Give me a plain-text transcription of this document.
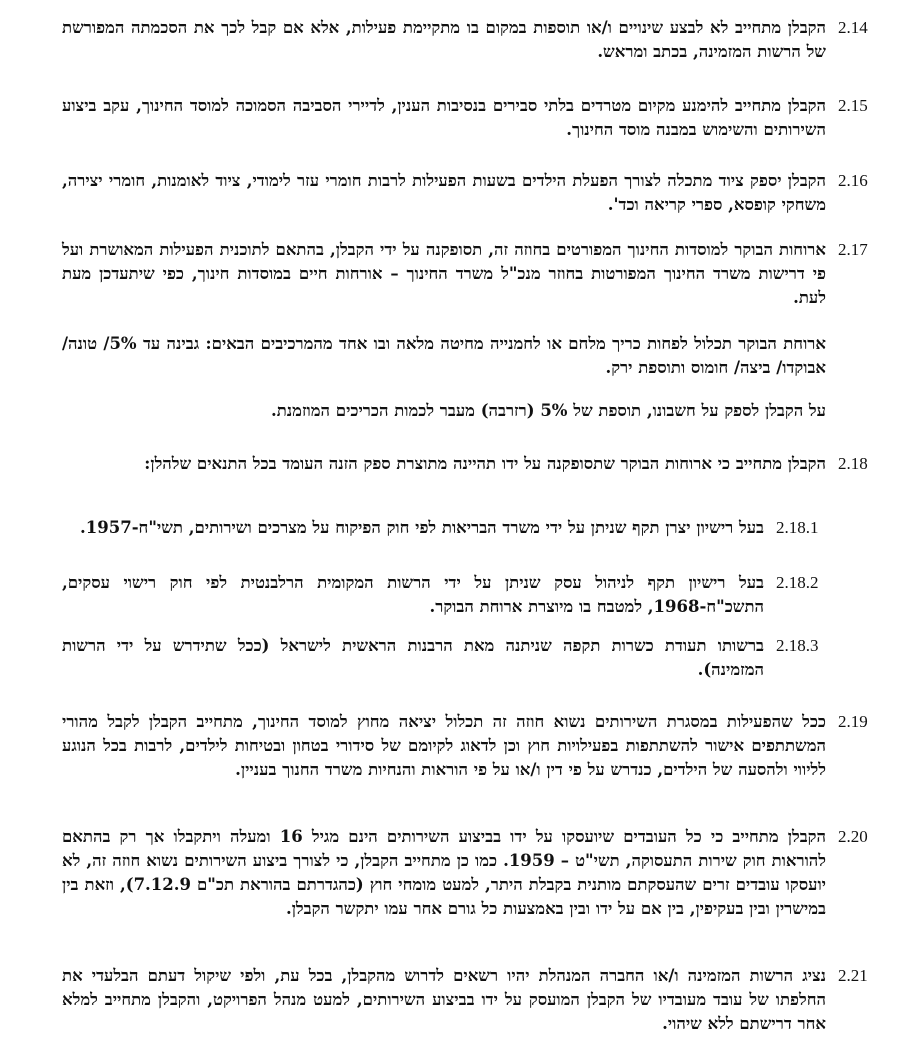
2.14
הקבלן מתחייב לא לבצע שינויים ו/או תוספות במקום בו מתקיימת פעילות, אלא אם קבל לכך את הסכמתה המפורשת של הרשות המזמינה, בכתב ומראש.
2.15
הקבלן מתחייב להימנע מקיום מטרדים בלתי סבירים בנסיבות הענין, לדיירי הסביבה הסמוכה למוסד החינוך, עקב ביצוע השירותים והשימוש במבנה מוסד החינוך.
2.16
הקבלן יספק ציוד מתכלה לצורך הפעלת הילדים בשעות הפעילות לרבות חומרי עזר לימודי, ציוד לאומנות, חומרי יצירה, משחקי קופסא, ספרי קריאה וכד'.
2.17
ארוחות הבוקר למוסדות החינוך המפורטים בחוזה זה, תסופקנה על ידי הקבלן, בהתאם לתוכנית הפעילות המאושרת ועל פי דרישות משרד החינוך המפורטות בחוזר מנכ"ל משרד החינוך – אורחות חיים במוסדות חינוך, כפי שיתעדכן מעת לעת.
ארוחת הבוקר תכלול לפחות כריך מלחם או לחמנייה מחיטה מלאה ובו אחד מהמרכיבים הבאים: גבינה עד 5%/ טונה/ אבוקדו/ ביצה/ חומוס ותוספת ירק.
על הקבלן לספק על חשבונו, תוספת של 5% (רזרבה) מעבר לכמות הכריכים המוזמנת.
2.18
הקבלן מתחייב כי ארוחות הבוקר שתסופקנה על ידו תהיינה מתוצרת ספק הזנה העומד בכל התנאים שלהלן:
2.18.1
בעל רישיון יצרן תקף שניתן על ידי משרד הבריאות לפי חוק הפיקוח על מצרכים ושירותים, תשי"ח-1957.
2.18.2
בעל רישיון תקף לניהול עסק שניתן על ידי הרשות המקומית הרלבנטית לפי חוק רישוי עסקים, התשכ"ח-1968, למטבח בו מיוצרת ארוחת הבוקר.
2.18.3
ברשותו תעודת כשרות תקפה שניתנה מאת הרבנות הראשית לישראל (ככל שתידרש על ידי הרשות המזמינה).
2.19
ככל שהפעילות במסגרת השירותים נשוא חוזה זה תכלול יציאה מחוץ למוסד החינוך, מתחייב הקבלן לקבל מהורי המשתתפים אישור להשתתפות בפעילויות חוץ וכן לדאוג לקיומם של סידורי בטחון ובטיחות לילדים, לרבות בכל הנוגע לליווי ולהסעה של הילדים, כנדרש על פי דין ו/או על פי הוראות והנחיות משרד החנוך בעניין.
2.20
הקבלן מתחייב כי כל העובדים שיועסקו על ידו בביצוע השירותים הינם מגיל 16 ומעלה ויתקבלו אך רק בהתאם להוראות חוק שירות התעסוקה, תשי"ט – 1959. כמו כן מתחייב הקבלן, כי לצורך ביצוע השירותים נשוא חוזה זה, לא יועסקו עובדים זרים שהעסקתם מותנית בקבלת היתר, למעט מומחי חוץ (כהגדרתם בהוראת תכ"ם 7.12.9), וזאת בין במישרין ובין בעקיפין, בין אם על ידו ובין באמצעות כל גורם אחר עמו יתקשר הקבלן.
2.21
נציג הרשות המזמינה ו/או החברה המנהלת יהיו רשאים לדרוש מהקבלן, בכל עת, ולפי שיקול דעתם הבלעדי את החלפתו של עובד מעובדיו של הקבלן המועסק על ידו בביצוע השירותים, למעט מנהל הפרויקט, והקבלן מתחייב למלא אחר דרישתם ללא שיהוי.
